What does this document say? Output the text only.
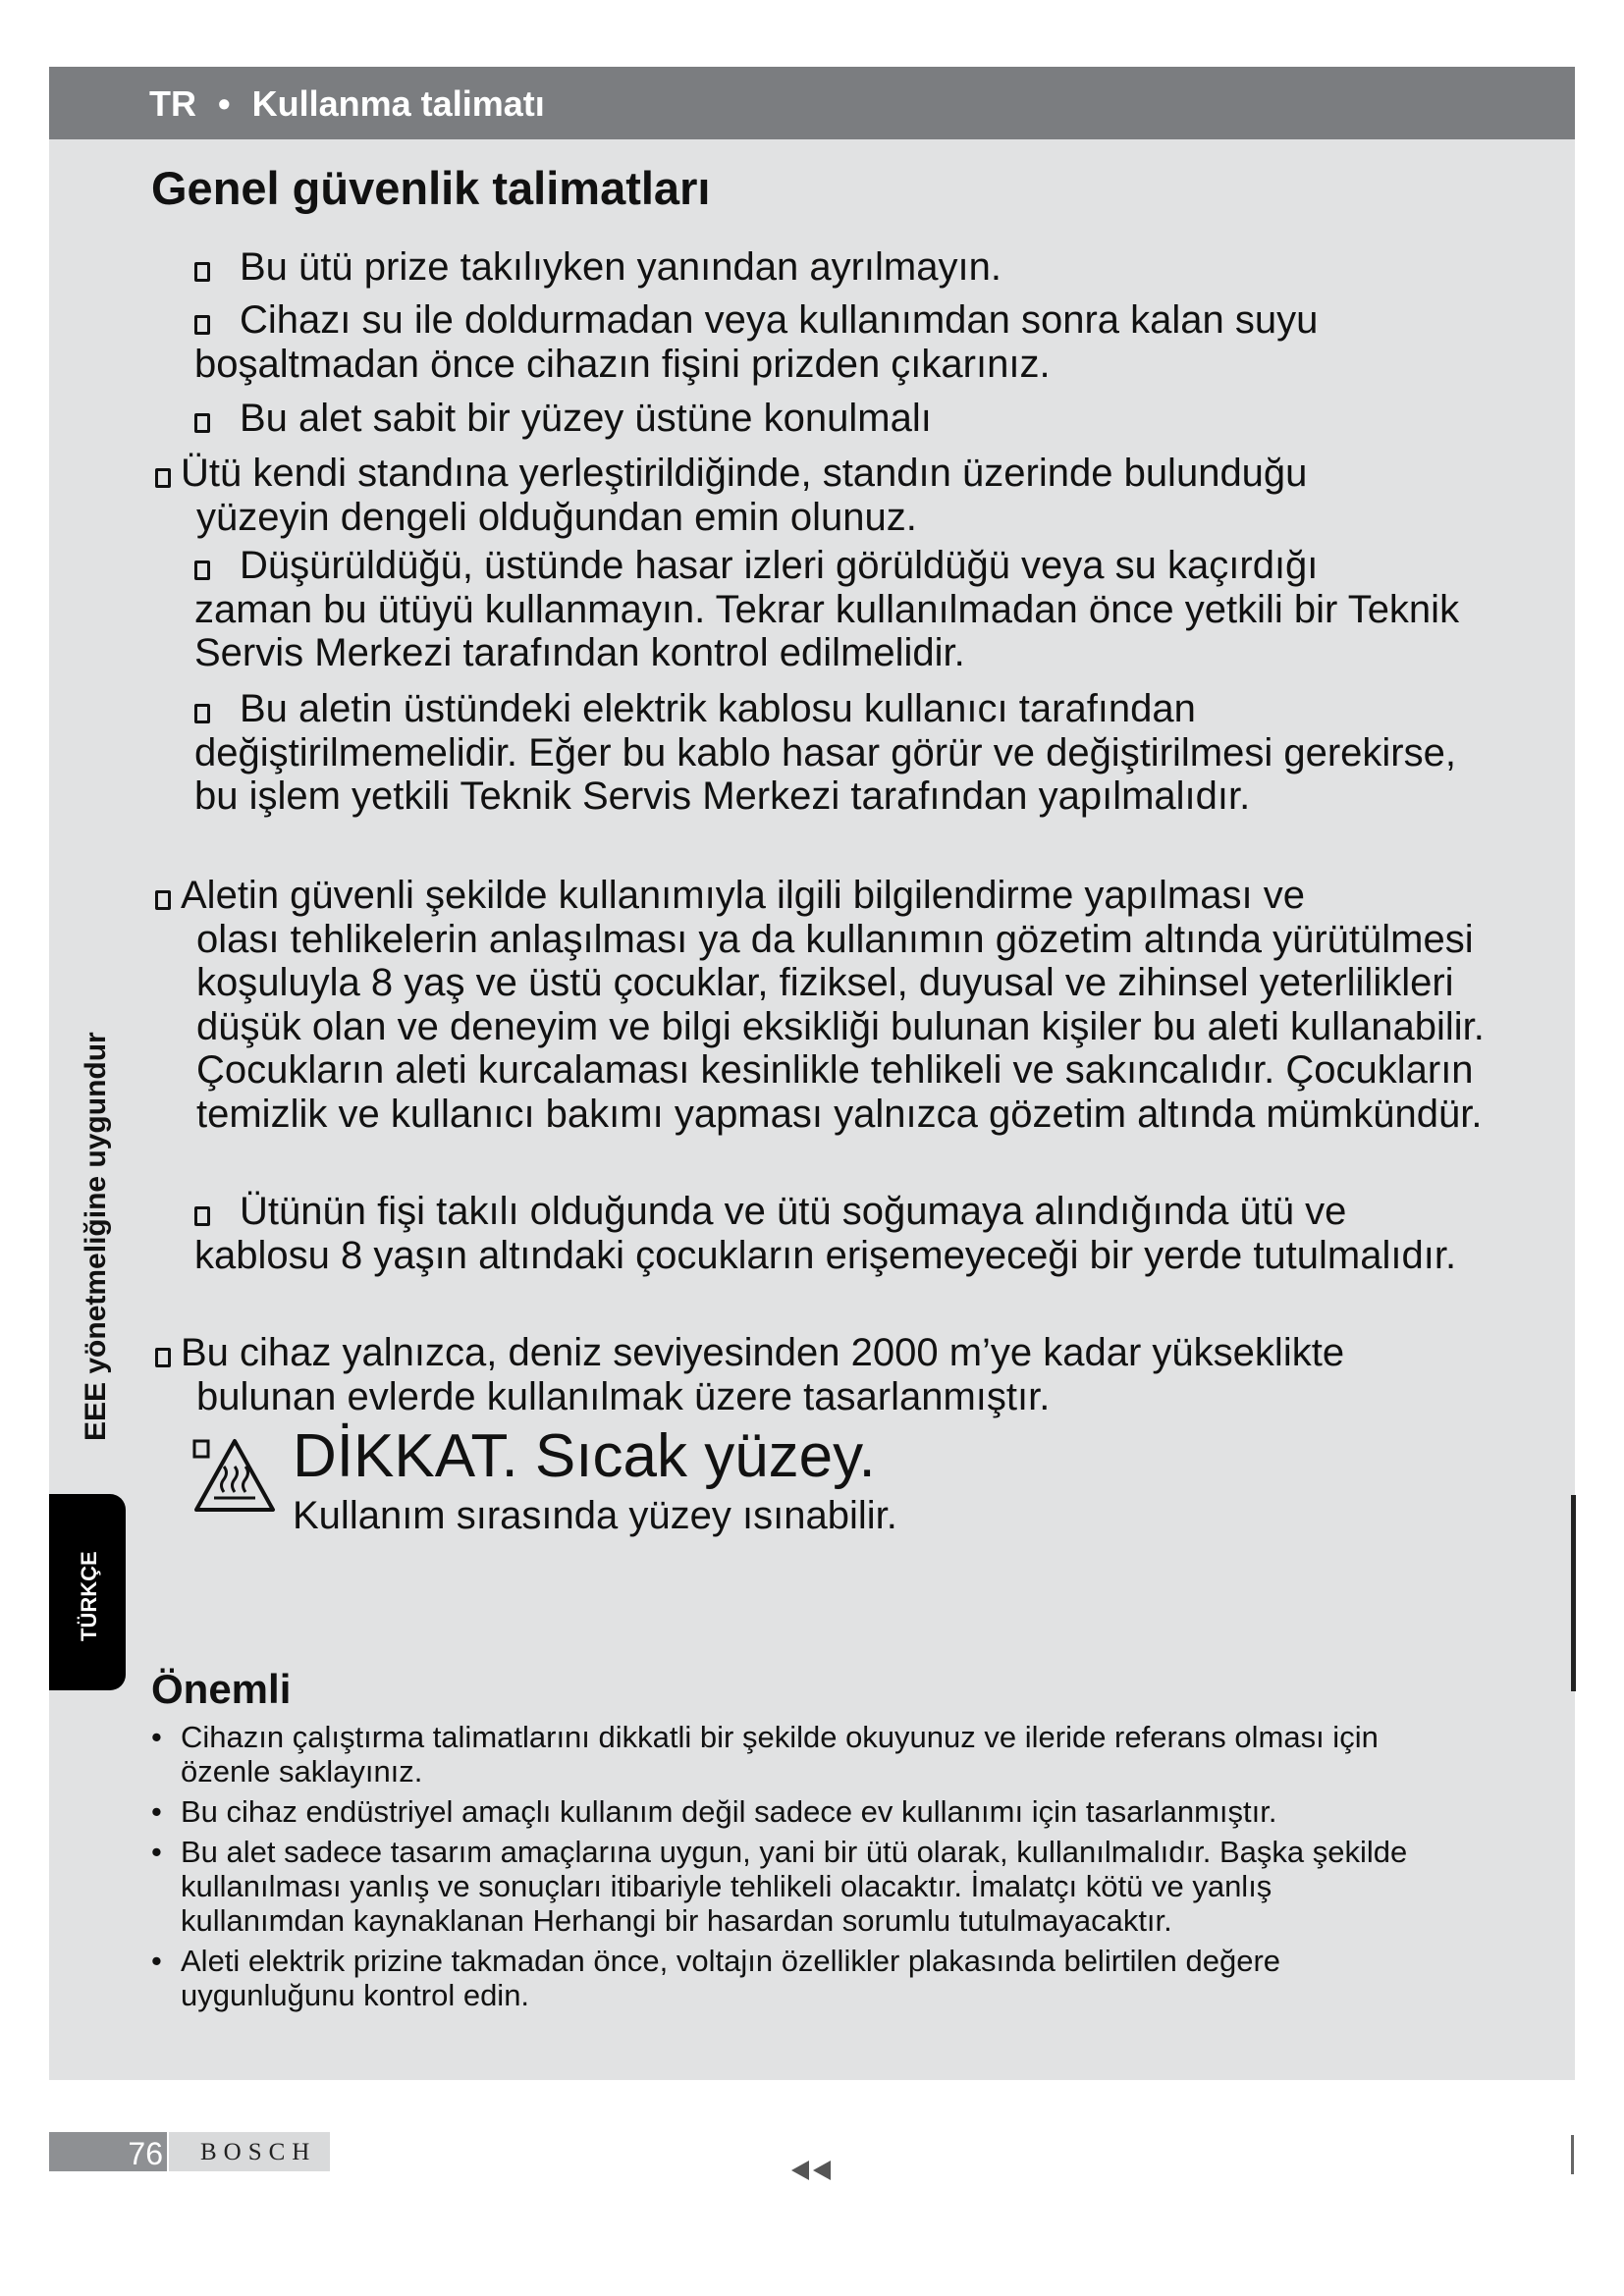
TR • Kullanma talimatı
Genel güvenlik talimatları

Bu ütü prize takılıyken yanından ayrılmayın.

Cihazı su ile doldurmadan veya kullanımdan sonra kalan suyu
boşaltmadan önce cihazın fişini prizden çıkarınız.

Bu alet sabit bir yüzey üstüne konulmalı

Ütü kendi standına yerleştirildiğinde, standın üzerinde bulunduğu
yüzeyin dengeli olduğundan emin olunuz.

Düşürüldüğü, üstünde hasar izleri görüldüğü veya su kaçırdığı
zaman bu ütüyü kullanmayın. Tekrar kullanılmadan önce yetkili bir Teknik Servis Merkezi tarafından kontrol edilmelidir.

Bu aletin üstündeki elektrik kablosu kullanıcı tarafından
değiştirilmemelidir. Eğer bu kablo hasar görür ve değiştirilmesi gerekirse, bu işlem yetkili Teknik Servis Merkezi tarafından yapılmalıdır.

Aletin güvenli şekilde kullanımıyla ilgili bilgilendirme yapılması ve
olası tehlikelerin anlaşılması ya da kullanımın gözetim altında yürütülmesi koşuluyla 8 yaş ve üstü çocuklar, fiziksel, duyusal ve zihinsel yeterlilikleri düşük olan ve deneyim ve bilgi eksikliği bulunan kişiler bu aleti kullanabilir. Çocukların aleti kurcalaması kesinlikle tehlikeli ve sakıncalıdır. Çocukların temizlik ve kullanıcı bakımı yapması yalnızca gözetim altında mümkündür.

Ütünün fişi takılı olduğunda ve ütü soğumaya alındığında ütü ve
kablosu 8 yaşın altındaki çocukların erişemeyeceği bir yerde tutulmalıdır.

Bu cihaz yalnızca, deniz seviyesinden 2000 m’ye kadar yükseklikte
bulunan evlerde kullanılmak üzere tasarlanmıştır.

DİKKAT. Sıcak yüzey.
Kullanım sırasında yüzey ısınabilir.
EEE yönetmeliğine uygundur
TÜRKÇE
Önemli
• Cihazın çalıştırma talimatlarını dikkatli bir şekilde okuyunuz ve ileride referans olması için özenle saklayınız.
• Bu cihaz endüstriyel amaçlı kullanım değil sadece ev kullanımı için tasarlanmıştır.
• Bu alet sadece tasarım amaçlarına uygun, yani bir ütü olarak, kullanılmalıdır. Başka şekilde kullanılması yanlış ve sonuçları itibariyle tehlikeli olacaktır. İmalatçı kötü ve yanlış kullanımdan kaynaklanan Herhangi bir hasardan sorumlu tutulmayacaktır.
• Aleti elektrik prizine takmadan önce, voltajın özellikler plakasında belirtilen değere uygunluğunu kontrol edin.
76 BOSCH
